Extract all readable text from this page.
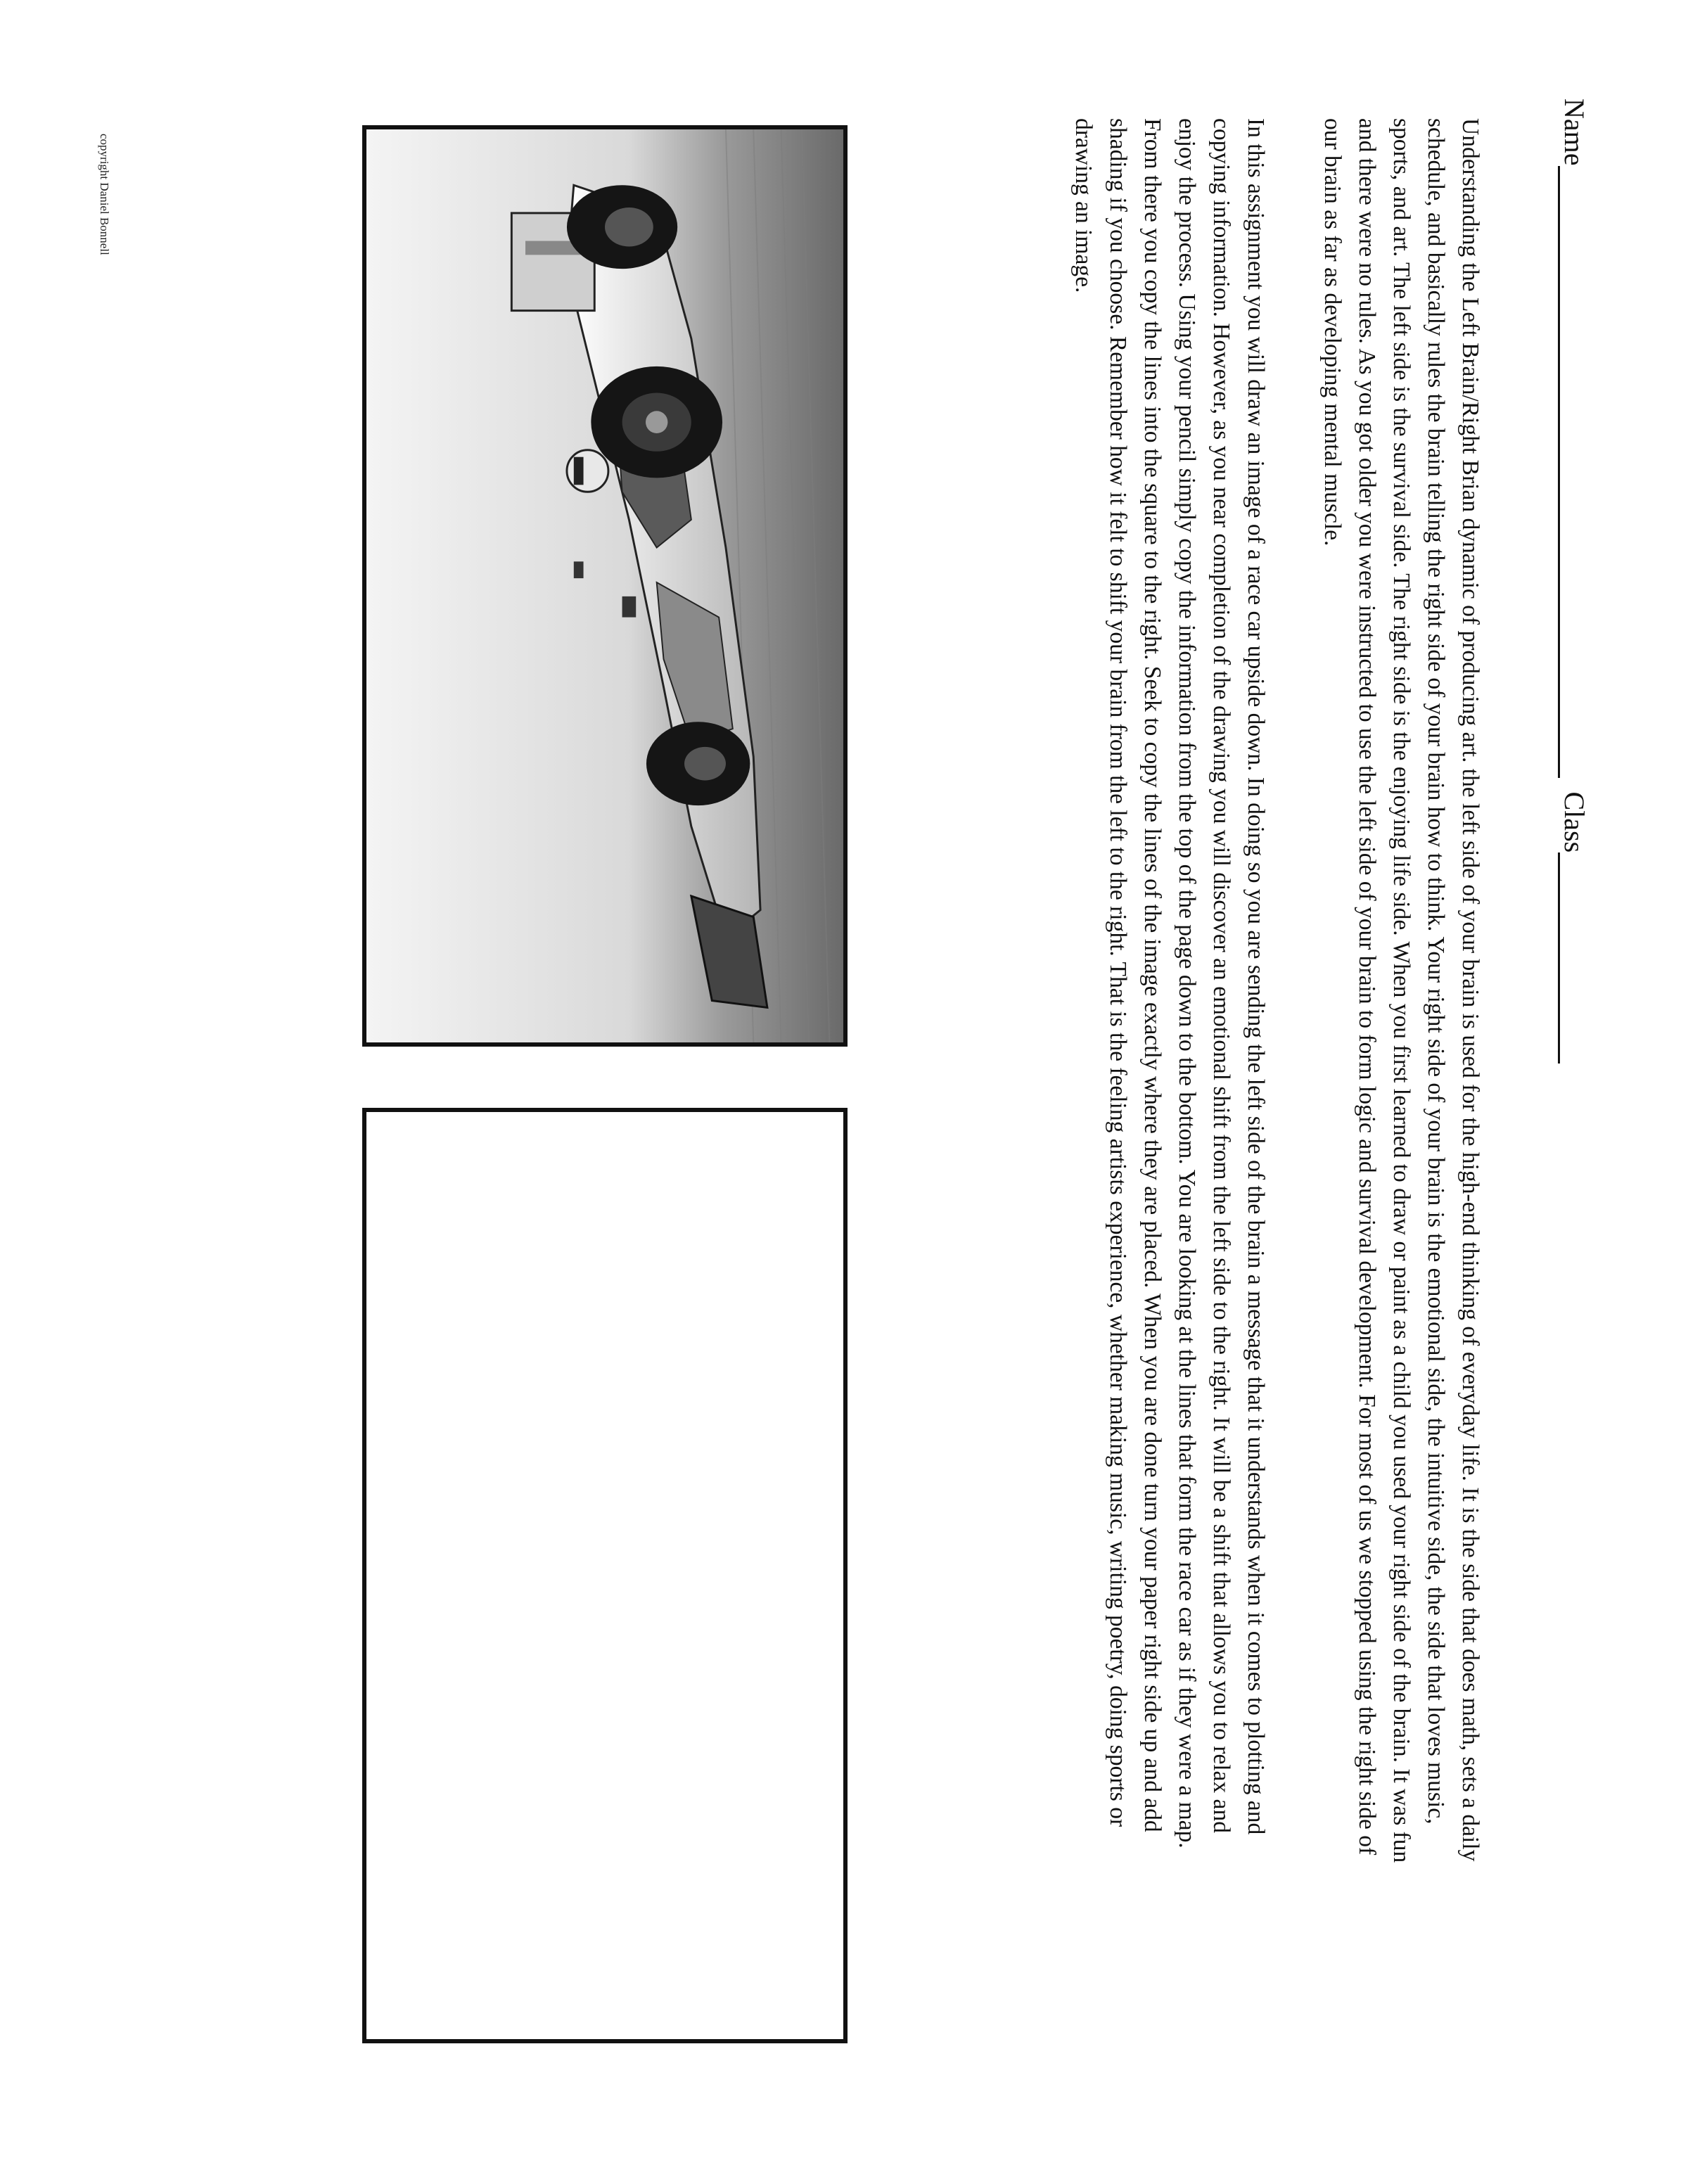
NameClass
Understanding the Left Brain/Right Brian dynamic of producing art. the left side of your brain is used for the high-end thinking of everyday life. It is the side that does math, sets a daily schedule, and basically rules the brain telling the right side of your brain how to think. Your right side of your brain is the emotional side, the intuitive side, the side that loves music, sports, and art. The left side is the survival side. The right side is the enjoying life side. When you first learned to draw or paint as a child you used your right side of the brain. It was fun and there were no rules. As you got older you were instructed to use the left side of your brain to form logic and survival development. For most of us we stopped using the right side of our brain as far as developing mental muscle.
In this assignment you will draw an image of a race car upside down. In doing so you are sending the left side of the brain a message that it understands when it comes to plotting and copying information. However, as you near completion of the drawing you will discover an emotional shift from the left side to the right. It will be a shift that allows you to relax and enjoy the process. Using your pencil simply copy the information from the top of the page down to the bottom. You are looking at the lines that form the race car as if they were a map. From there you copy the lines into the square to the right. Seek to copy the lines of the image exactly where they are placed. When you are done turn your paper right side up and add shading if you choose. Remember how it felt to shift your brain from the left to the right. That is the feeling artists experience, whether making music, writing poetry, doing sports or drawing an image.
copyright Daniel Bonnell
